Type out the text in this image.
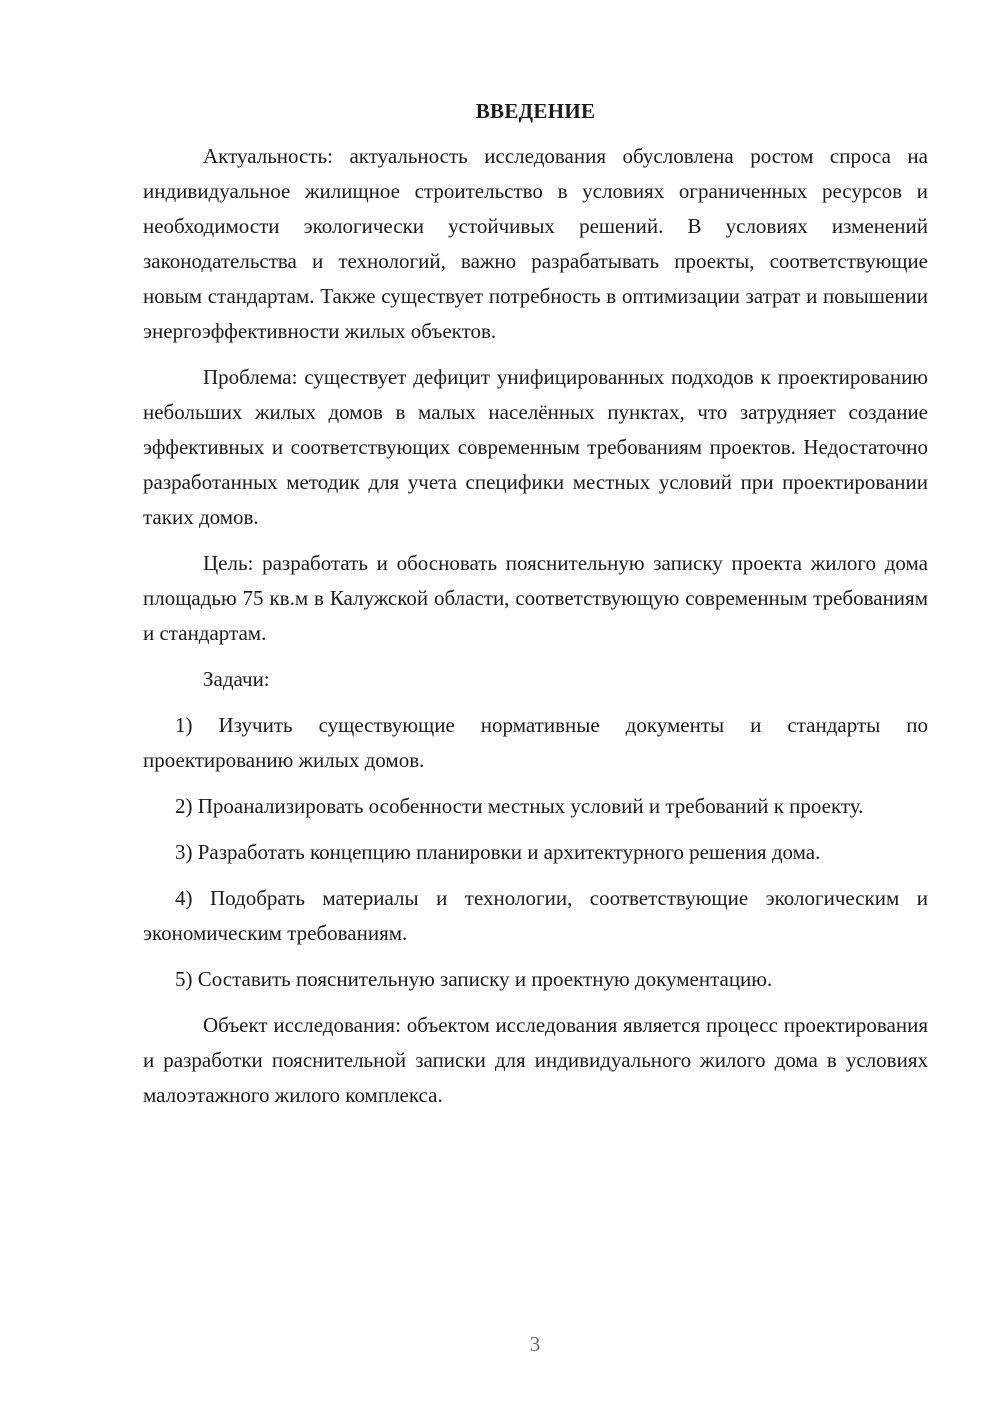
ВВЕДЕНИЕ

Актуальность: актуальность исследования обусловлена ростом спроса на индивидуальное жилищное строительство в условиях ограниченных ресурсов и необходимости экологически устойчивых решений. В условиях изменений законодательства и технологий, важно разрабатывать проекты, соответствующие новым стандартам. Также существует потребность в оптимизации затрат и повышении энергоэффективности жилых объектов.

Проблема: существует дефицит унифицированных подходов к проектированию небольших жилых домов в малых населённых пунктах, что затрудняет создание эффективных и соответствующих современным требованиям проектов. Недостаточно разработанных методик для учета специфики местных условий при проектировании таких домов.

Цель: разработать и обосновать пояснительную записку проекта жилого дома площадью 75 кв.м в Калужской области, соответствующую современным требованиям и стандартам.

Задачи:

1) Изучить существующие нормативные документы и стандарты по проектированию жилых домов.

2) Проанализировать особенности местных условий и требований к проекту.

3) Разработать концепцию планировки и архитектурного решения дома.

4) Подобрать материалы и технологии, соответствующие экологическим и экономическим требованиям.

5) Составить пояснительную записку и проектную документацию.

Объект исследования: объектом исследования является процесс проектирования и разработки пояснительной записки для индивидуального жилого дома в условиях малоэтажного жилого комплекса.

3
